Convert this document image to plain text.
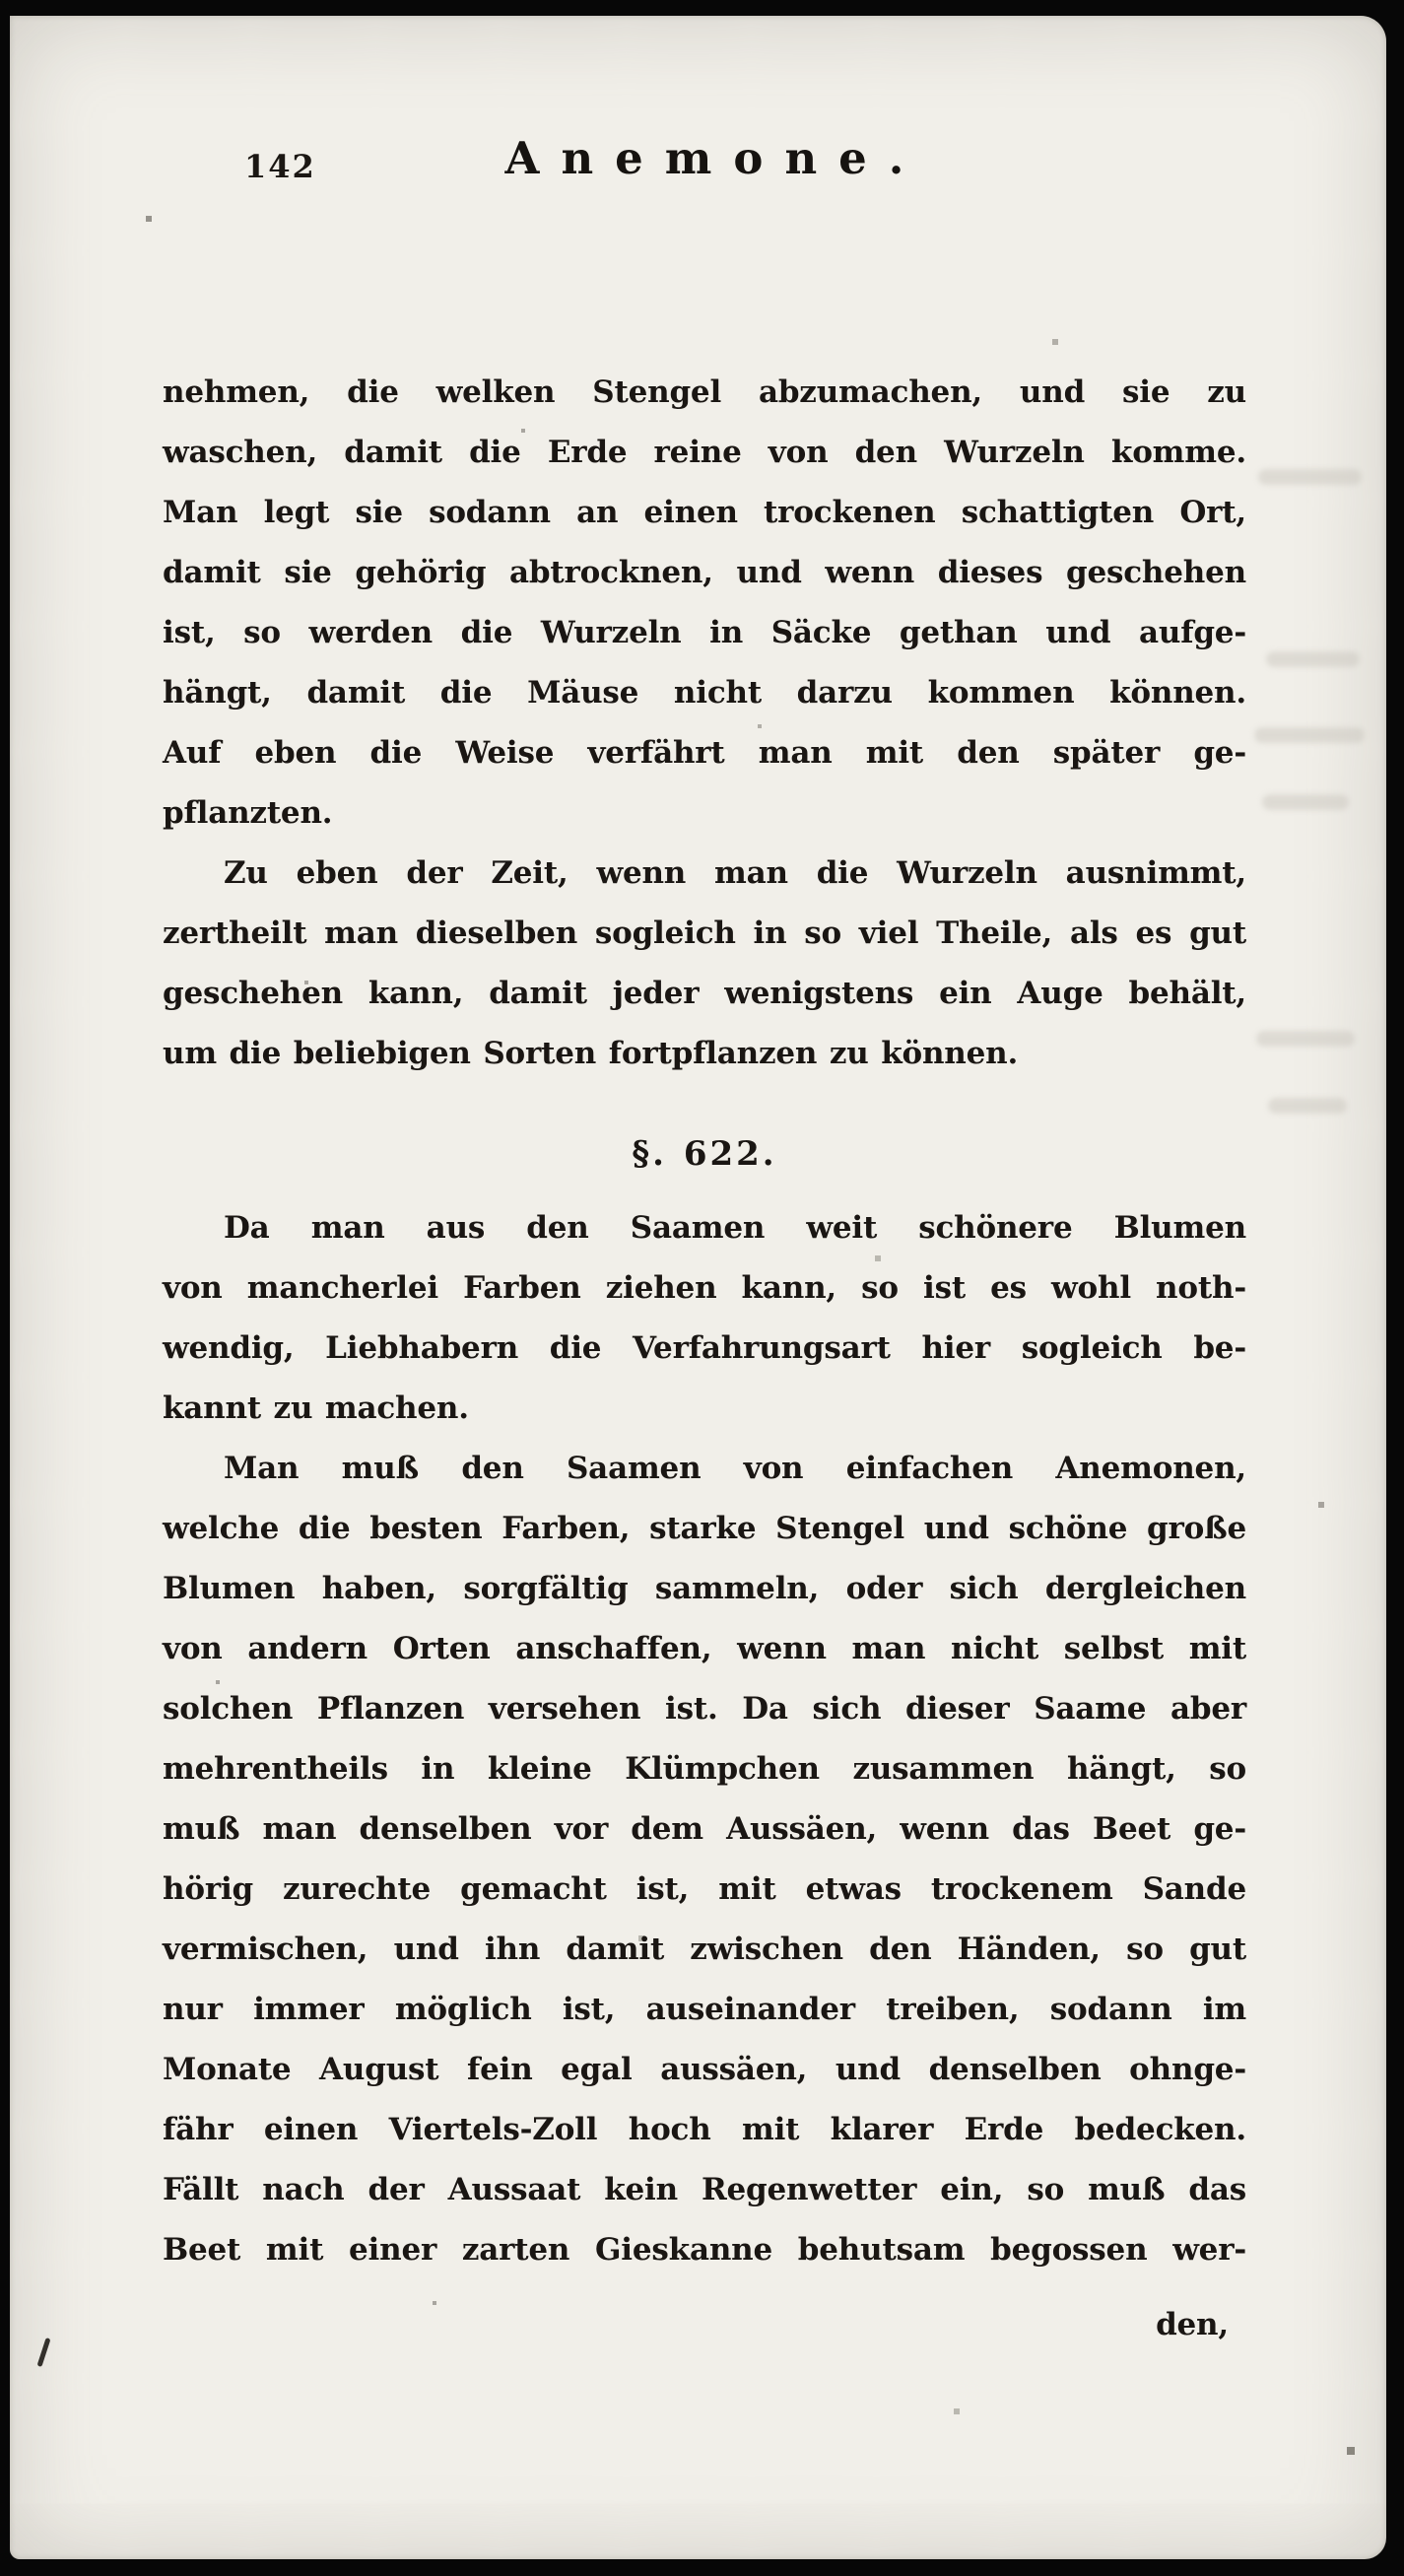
142	Anemone.
nehmen, die welken Stengel abzumachen, und sie zu
waschen, damit die Erde reine von den Wurzeln komme.
Man legt sie sodann an einen trockenen schattigten Ort,
damit sie gehörig abtrocknen, und wenn dieses geschehen
ist, so werden die Wurzeln in Säcke gethan und aufge-
hängt, damit die Mäuse nicht darzu kommen können.
Auf eben die Weise verfährt man mit den später ge-
pflanzten.
Zu eben der Zeit, wenn man die Wurzeln ausnimmt,
zertheilt man dieselben sogleich in so viel Theile, als es gut
geschehen kann, damit jeder wenigstens ein Auge behält,
um die beliebigen Sorten fortpflanzen zu können.
§. 622.
Da man aus den Saamen weit schönere Blumen
von mancherlei Farben ziehen kann, so ist es wohl noth-
wendig, Liebhabern die Verfahrungsart hier sogleich be-
kannt zu machen.
Man muß den Saamen von einfachen Anemonen,
welche die besten Farben, starke Stengel und schöne große
Blumen haben, sorgfältig sammeln, oder sich dergleichen
von andern Orten anschaffen, wenn man nicht selbst mit
solchen Pflanzen versehen ist. Da sich dieser Saame aber
mehrentheils in kleine Klümpchen zusammen hängt, so
muß man denselben vor dem Aussäen, wenn das Beet ge-
hörig zurechte gemacht ist, mit etwas trockenem Sande
vermischen, und ihn damit zwischen den Händen, so gut
nur immer möglich ist, auseinander treiben, sodann im
Monate August fein egal aussäen, und denselben ohnge-
fähr einen Viertels-Zoll hoch mit klarer Erde bedecken.
Fällt nach der Aussaat kein Regenwetter ein, so muß das
Beet mit einer zarten Gieskanne behutsam begossen wer-
den,
